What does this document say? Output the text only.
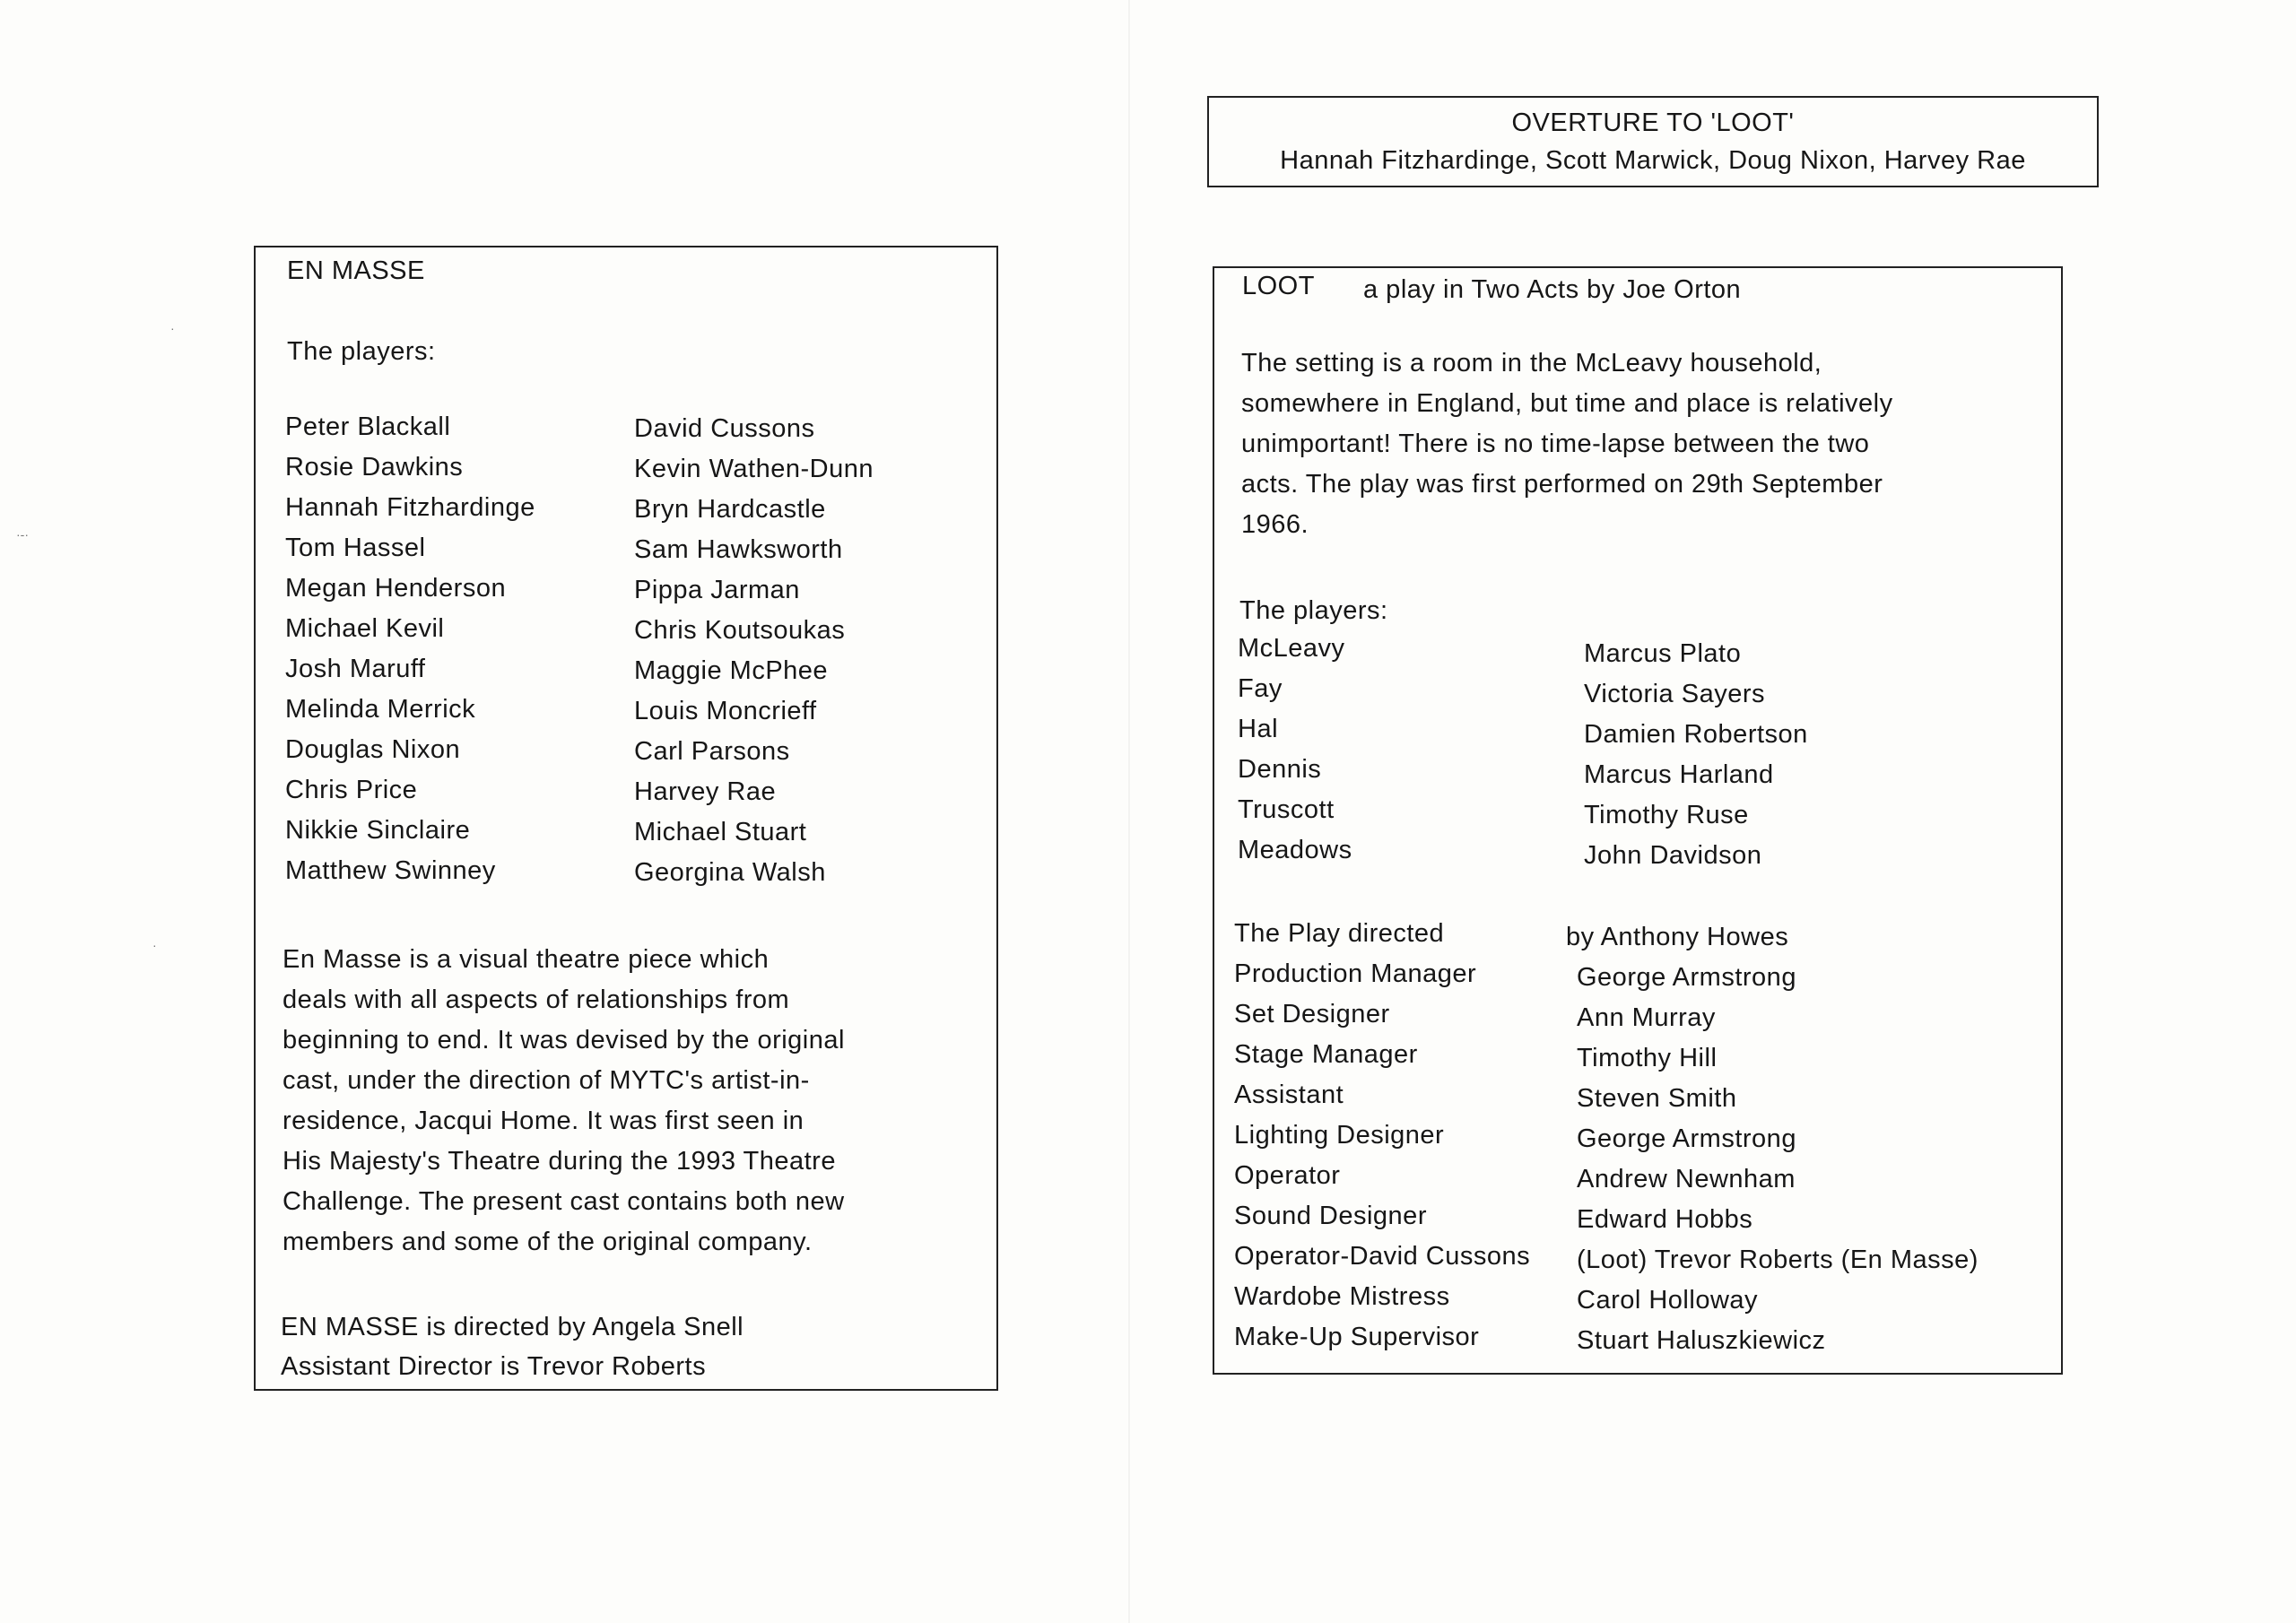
OVERTURE TO 'LOOT'
Hannah Fitzhardinge, Scott Marwick, Doug Nixon, Harvey Rae
EN MASSE
The players:
Peter Blackall
Rosie Dawkins
Hannah Fitzhardinge
Tom Hassel
Megan Henderson
Michael Kevil
Josh Maruff
Melinda Merrick
Douglas Nixon
Chris Price
Nikkie Sinclaire
Matthew Swinney
David Cussons
Kevin Wathen-Dunn
Bryn Hardcastle
Sam Hawksworth
Pippa Jarman
Chris Koutsoukas
Maggie McPhee
Louis Moncrieff
Carl Parsons
Harvey Rae
Michael Stuart
Georgina Walsh
En Masse is a visual theatre piece which
deals with all aspects of relationships from
beginning to end. It was devised by the original
cast, under the direction of MYTC's artist-in-
residence, Jacqui Home. It was first seen in
His Majesty's Theatre during the 1993 Theatre
Challenge. The present cast contains both new
members and some of the original company.
EN MASSE is directed by Angela Snell
Assistant Director is Trevor Roberts
LOOT a play in Two Acts by Joe Orton
The setting is a room in the McLeavy household,
somewhere in England, but time and place is relatively
unimportant! There is no time-lapse between the two
acts. The play was first performed on 29th September
1966.
The players:
McLeavy
Fay
Hal
Dennis
Truscott
Meadows
Marcus Plato
Victoria Sayers
Damien Robertson
Marcus Harland
Timothy Ruse
John Davidson
The Play directed
Production Manager
Set Designer
Stage Manager
Assistant
Lighting Designer
Operator
Sound Designer
Operator-David Cussons
Wardobe Mistress
Make-Up Supervisor
by Anthony Howes
George Armstrong
Ann Murray
Timothy Hill
Steven Smith
George Armstrong
Andrew Newnham
Edward Hobbs
(Loot) Trevor Roberts (En Masse)
Carol Holloway
Stuart Haluszkiewicz
·-·
·
·
